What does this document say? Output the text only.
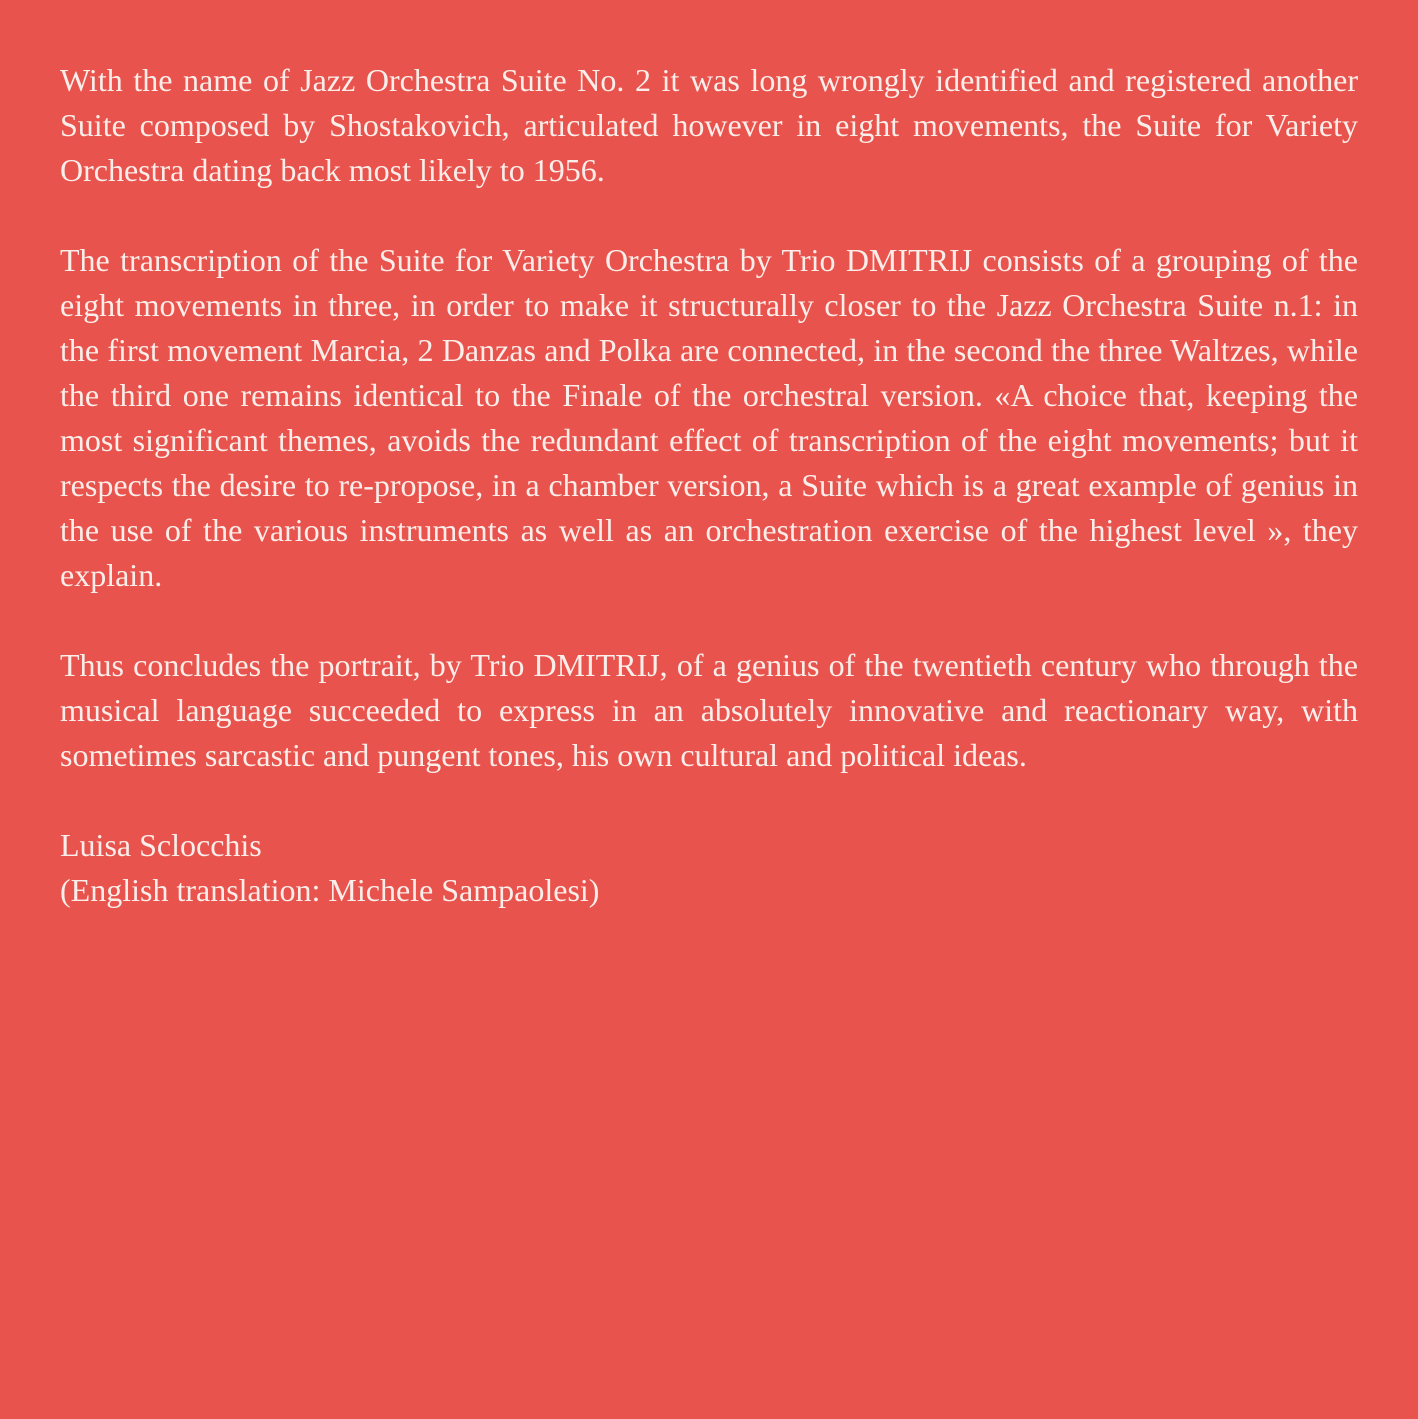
With the name of Jazz Orchestra Suite No. 2 it was long wrongly identified and registered another Suite composed by Shostakovich, articulated however in eight movements, the Suite for Variety Orchestra dating back most likely to 1956.

The transcription of the Suite for Variety Orchestra by Trio DMITRIJ consists of a grouping of the eight movements in three, in order to make it structurally closer to the Jazz Orchestra Suite n.1: in the first movement Marcia, 2 Danzas and Polka are connected, in the second the three Waltzes, while the third one remains identical to the Finale of the orchestral version. «A choice that, keeping the most significant themes, avoids the redundant effect of transcription of the eight movements; but it respects the desire to re-propose, in a chamber version, a Suite which is a great example of genius in the use of the various instruments as well as an orchestration exercise of the highest level », they explain.

Thus concludes the portrait, by Trio DMITRIJ, of a genius of the twentieth century who through the musical language succeeded to express in an absolutely innovative and reactionary way, with sometimes sarcastic and pungent tones, his own cultural and political ideas.

Luisa Sclocchis
(English translation: Michele Sampaolesi)
